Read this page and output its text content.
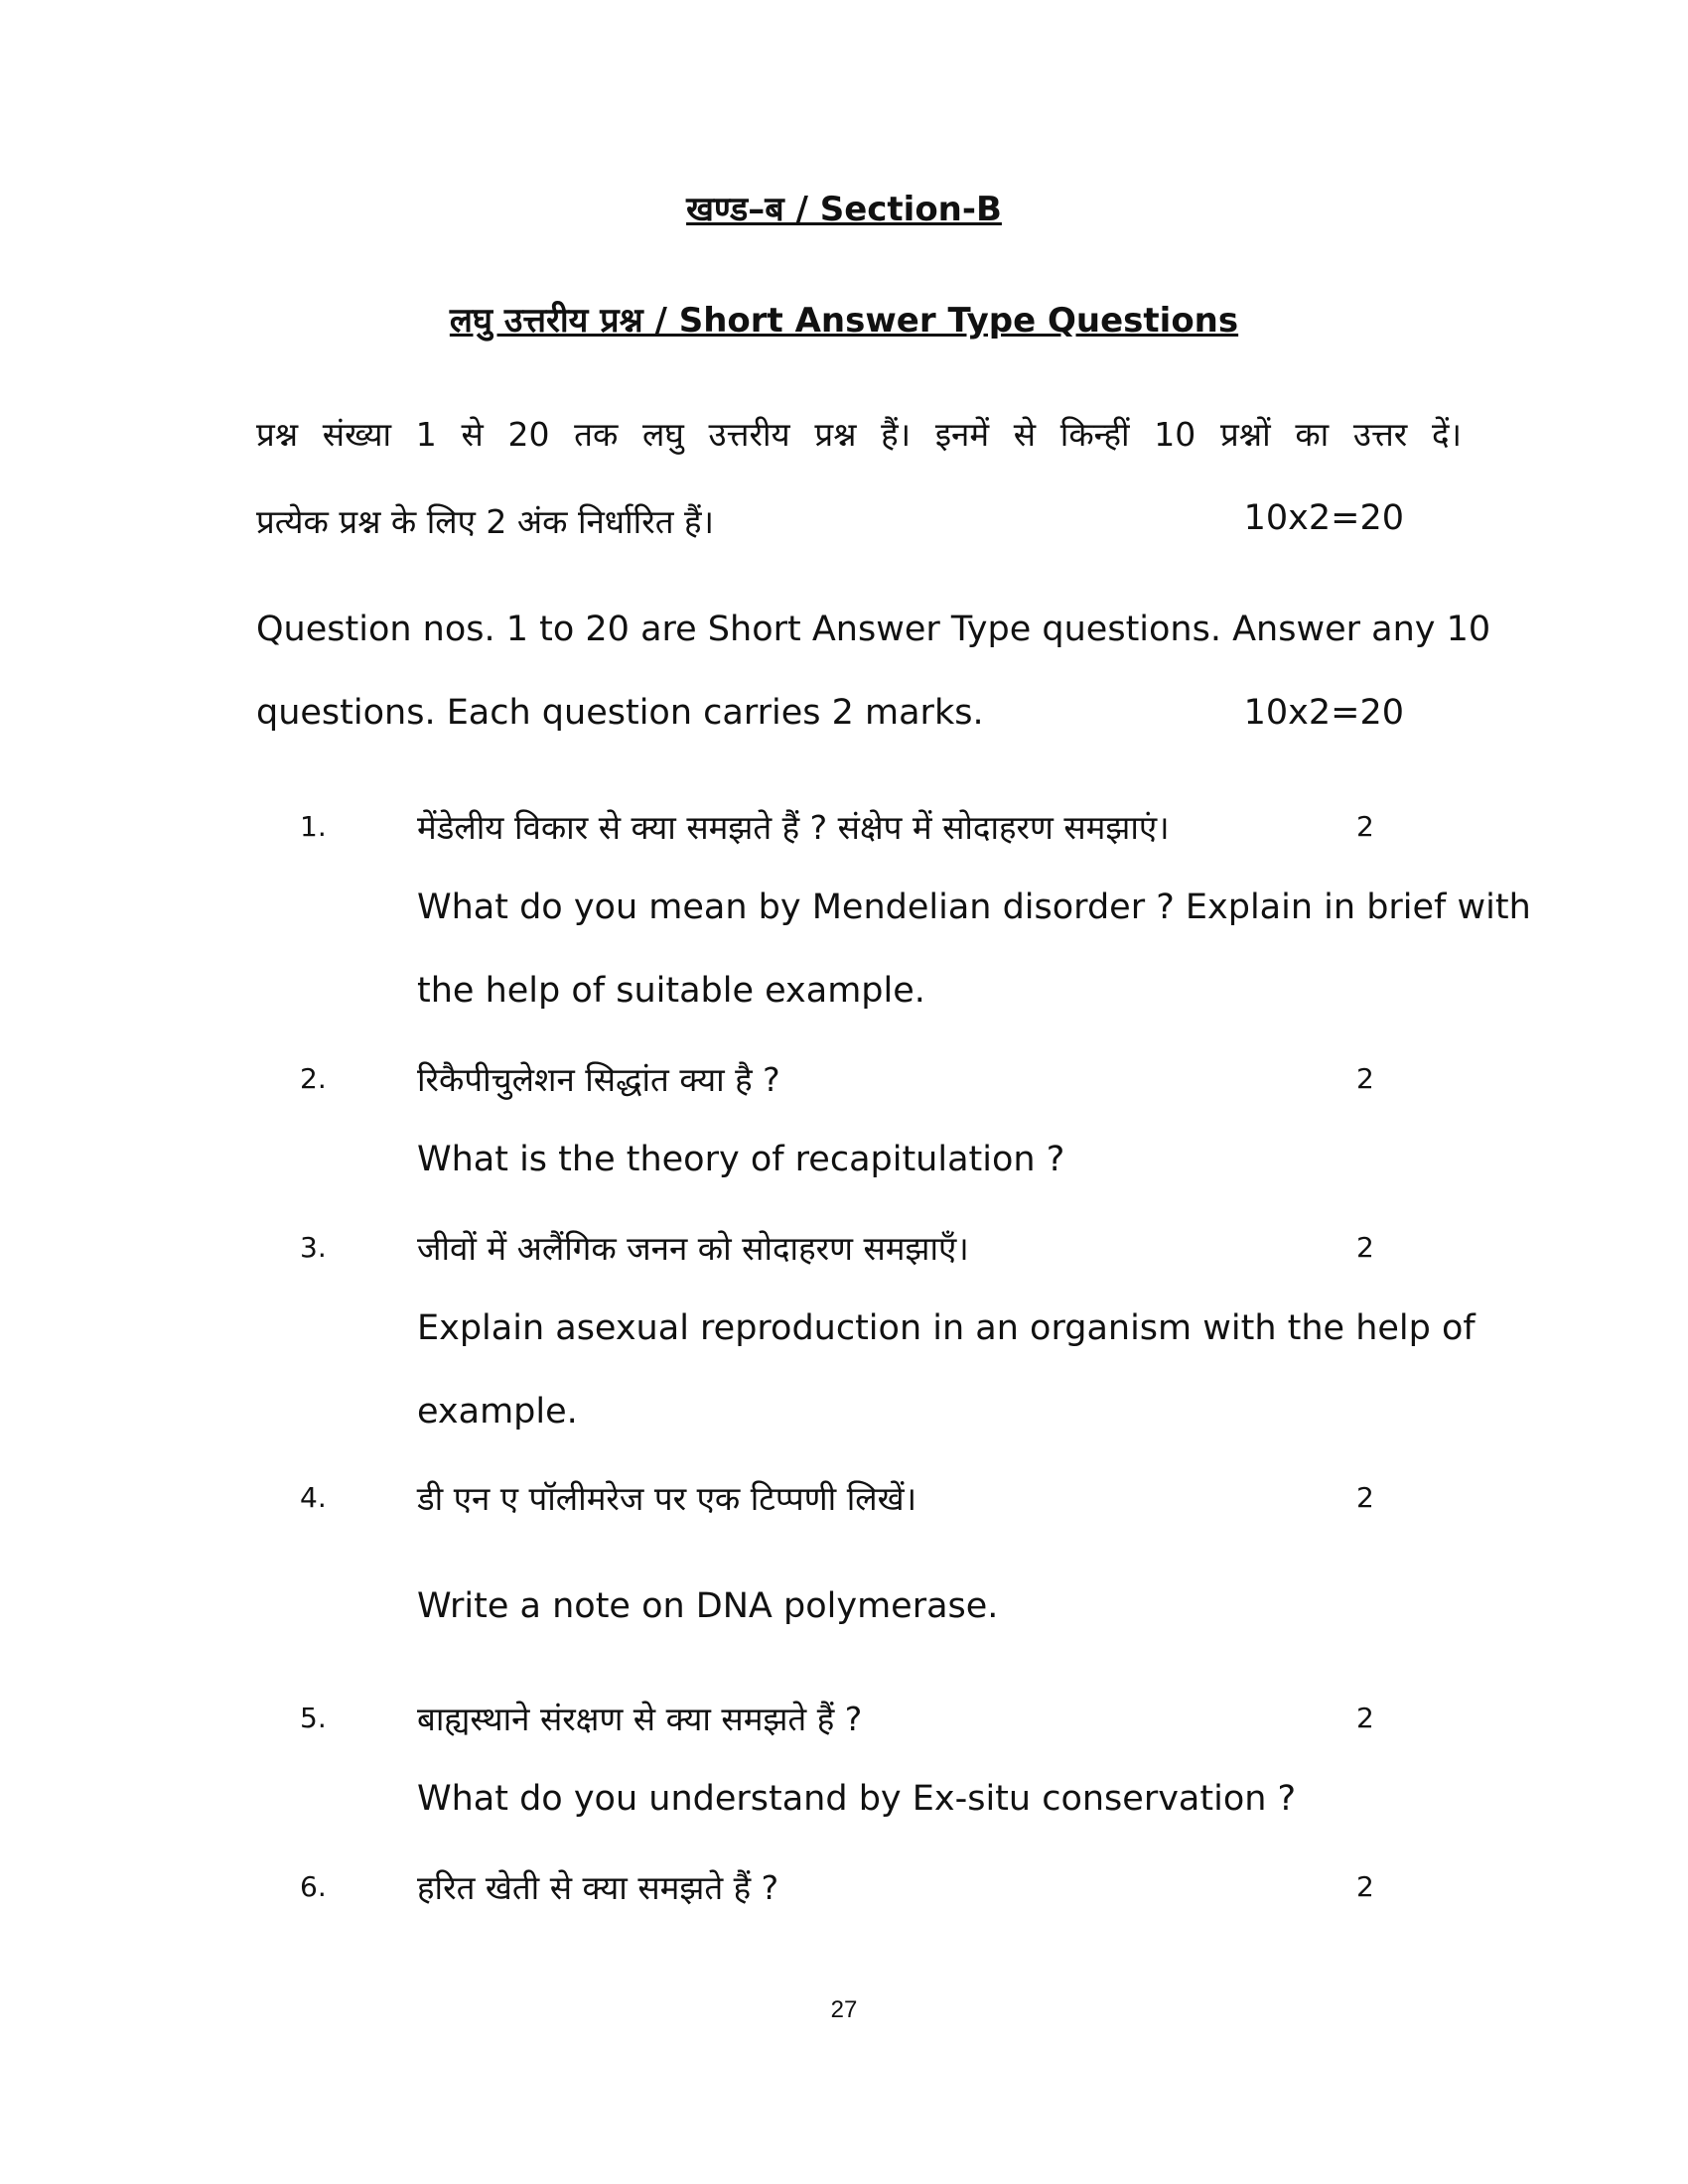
खण्ड–ब / Section-B
लघु उत्तरीय प्रश्न / Short Answer Type Questions
प्रश्न संख्या 1 से 20 तक लघु उत्तरीय प्रश्न हैं। इनमें से किन्हीं 10 प्रश्नों का उत्तर दें।
प्रत्येक प्रश्न के लिए 2 अंक निर्धारित हैं।	10x2=20
Question nos. 1 to 20 are Short Answer Type questions. Answer any 10
questions. Each question carries 2 marks.	10x2=20
1.	मेंडेलीय विकार से क्या समझते हैं ? संक्षेप में सोदाहरण समझाएं।	2
What do you mean by Mendelian disorder ? Explain in brief with
the help of suitable example.
2.	रिकैपीचुलेशन सिद्धांत क्या है ?	2
What is the theory of recapitulation ?
3.	जीवों में अलैंगिक जनन को सोदाहरण समझाएँ।	2
Explain asexual reproduction in an organism with the help of
example.
4.	डी एन ए पॉलीमरेज पर एक टिप्पणी लिखें।	2
Write a note on DNA polymerase.
5.	बाह्यस्थाने संरक्षण से क्या समझते हैं ?	2
What do you understand by Ex-situ conservation ?
6.	हरित खेती से क्या समझते हैं ?	2
27
